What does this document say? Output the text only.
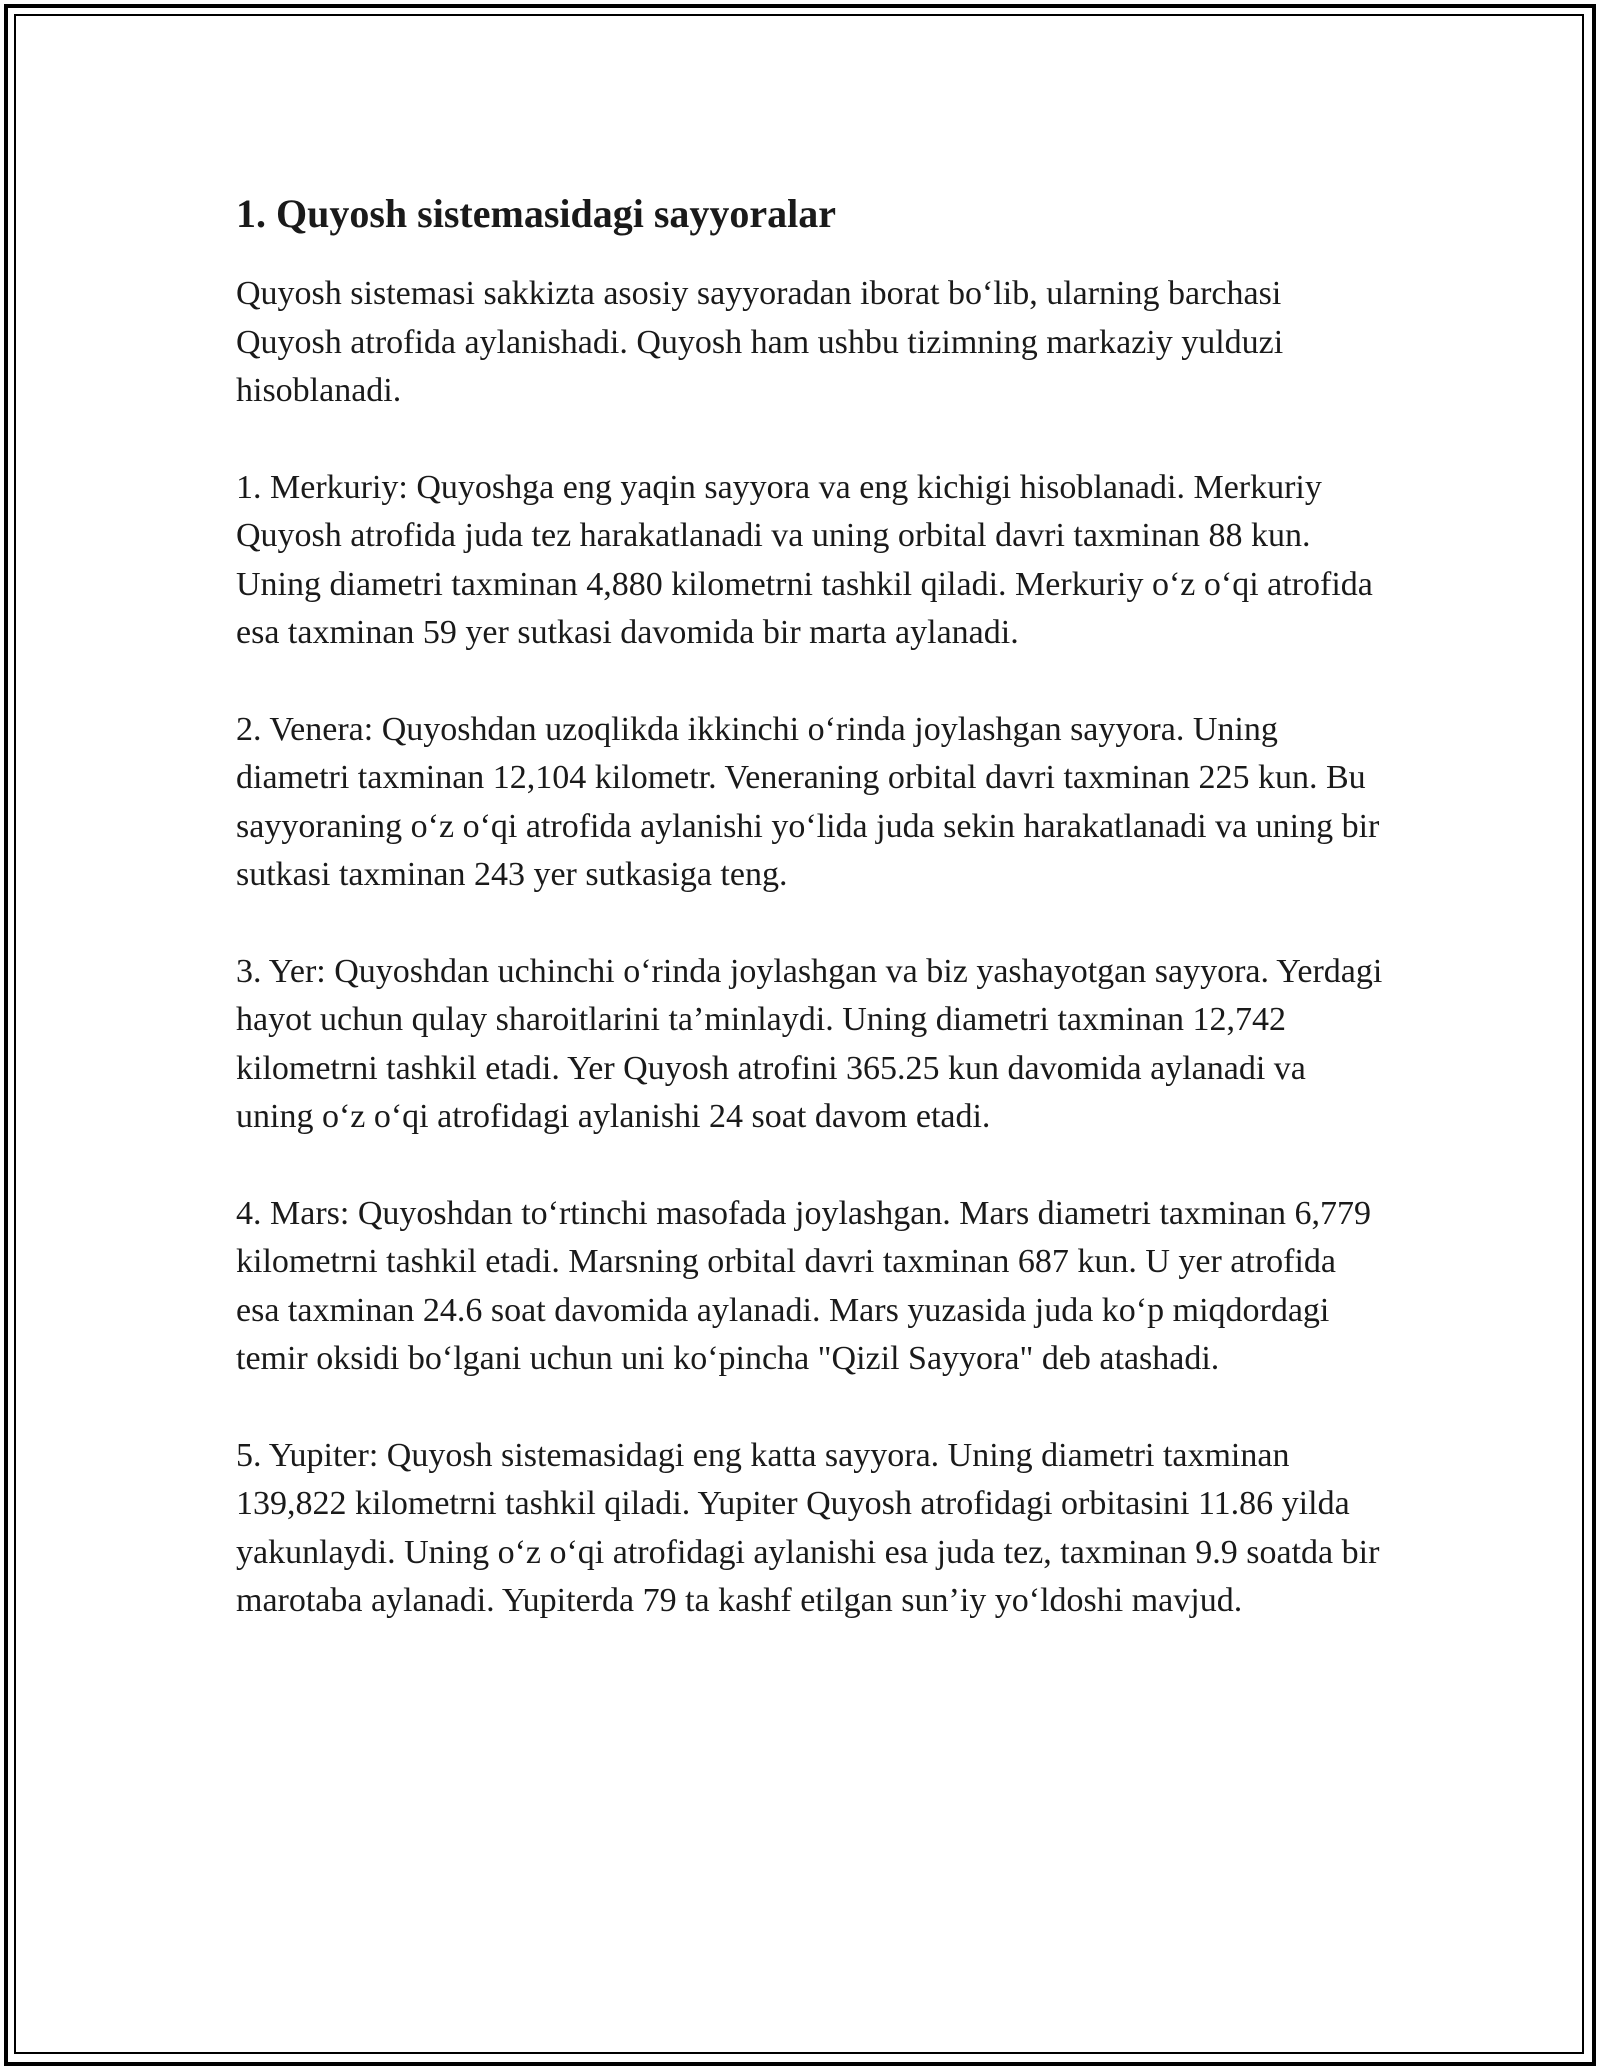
1. Quyosh sistemasidagi sayyoralar

Quyosh sistemasi sakkizta asosiy sayyoradan iborat bo‘lib, ularning barchasi Quyosh atrofida aylanishadi. Quyosh ham ushbu tizimning markaziy yulduzi hisoblanadi.

1. Merkuriy: Quyoshga eng yaqin sayyora va eng kichigi hisoblanadi. Merkuriy Quyosh atrofida juda tez harakatlanadi va uning orbital davri taxminan 88 kun. Uning diametri taxminan 4,880 kilometrni tashkil qiladi. Merkuriy o‘z o‘qi atrofida esa taxminan 59 yer sutkasi davomida bir marta aylanadi.

2. Venera: Quyoshdan uzoqlikda ikkinchi o‘rinda joylashgan sayyora. Uning diametri taxminan 12,104 kilometr. Veneraning orbital davri taxminan 225 kun. Bu sayyoraning o‘z o‘qi atrofida aylanishi yo‘lida juda sekin harakatlanadi va uning bir sutkasi taxminan 243 yer sutkasiga teng.

3. Yer: Quyoshdan uchinchi o‘rinda joylashgan va biz yashayotgan sayyora. Yerdagi hayot uchun qulay sharoitlarini ta’minlaydi. Uning diametri taxminan 12,742 kilometrni tashkil etadi. Yer Quyosh atrofini 365.25 kun davomida aylanadi va uning o‘z o‘qi atrofidagi aylanishi 24 soat davom etadi.

4. Mars: Quyoshdan to‘rtinchi masofada joylashgan. Mars diametri taxminan 6,779 kilometrni tashkil etadi. Marsning orbital davri taxminan 687 kun. U yer atrofida esa taxminan 24.6 soat davomida aylanadi. Mars yuzasida juda ko‘p miqdordagi temir oksidi bo‘lgani uchun uni ko‘pincha "Qizil Sayyora" deb atashadi.

5. Yupiter: Quyosh sistemasidagi eng katta sayyora. Uning diametri taxminan 139,822 kilometrni tashkil qiladi. Yupiter Quyosh atrofidagi orbitasini 11.86 yilda yakunlaydi. Uning o‘z o‘qi atrofidagi aylanishi esa juda tez, taxminan 9.9 soatda bir marotaba aylanadi. Yupiterda 79 ta kashf etilgan sun’iy yo‘ldoshi mavjud.
